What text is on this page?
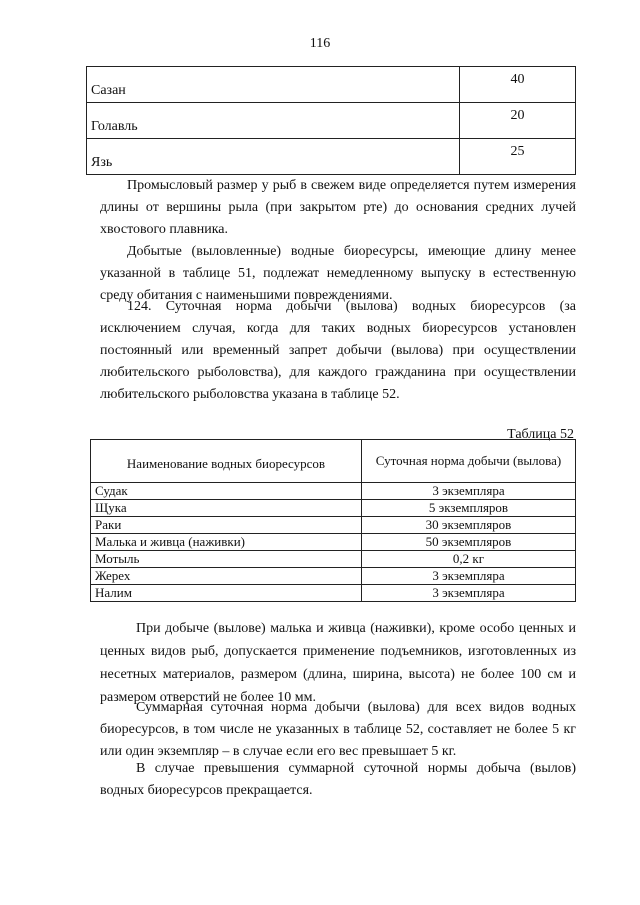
116
Сазан	40
Голавль	20
Язь	25

Промысловый размер у рыб в свежем виде определяется путем измерения длины от вершины рыла (при закрытом рте) до основания средних лучей хвостового плавника.

Добытые (выловленные) водные биоресурсы, имеющие длину менее указанной в таблице 51, подлежат немедленному выпуску в естественную среду обитания с наименьшими повреждениями.

124. Суточная норма добычи (вылова) водных биоресурсов (за исключением случая, когда для таких водных биоресурсов установлен постоянный или временный запрет добычи (вылова) при осуществлении любительского рыболовства), для каждого гражданина при осуществлении любительского рыболовства указана в таблице 52.

Таблица 52
Наименование водных биоресурсов	Суточная норма добычи (вылова)
Судак	3 экземпляра
Щука	5 экземпляров
Раки	30 экземпляров
Малька и живца (наживки)	50 экземпляров
Мотыль	0,2 кг
Жерех	3 экземпляра
Налим	3 экземпляра

При добыче (вылове) малька и живца (наживки), кроме особо ценных и ценных видов рыб, допускается применение подъемников, изготовленных из несетных материалов, размером (длина, ширина, высота) не более 100 см и размером отверстий не более 10 мм.

Суммарная суточная норма добычи (вылова) для всех видов водных биоресурсов, в том числе не указанных в таблице 52, составляет не более 5 кг или один экземпляр – в случае если его вес превышает 5 кг.

В случае превышения суммарной суточной нормы добыча (вылов) водных биоресурсов прекращается.
